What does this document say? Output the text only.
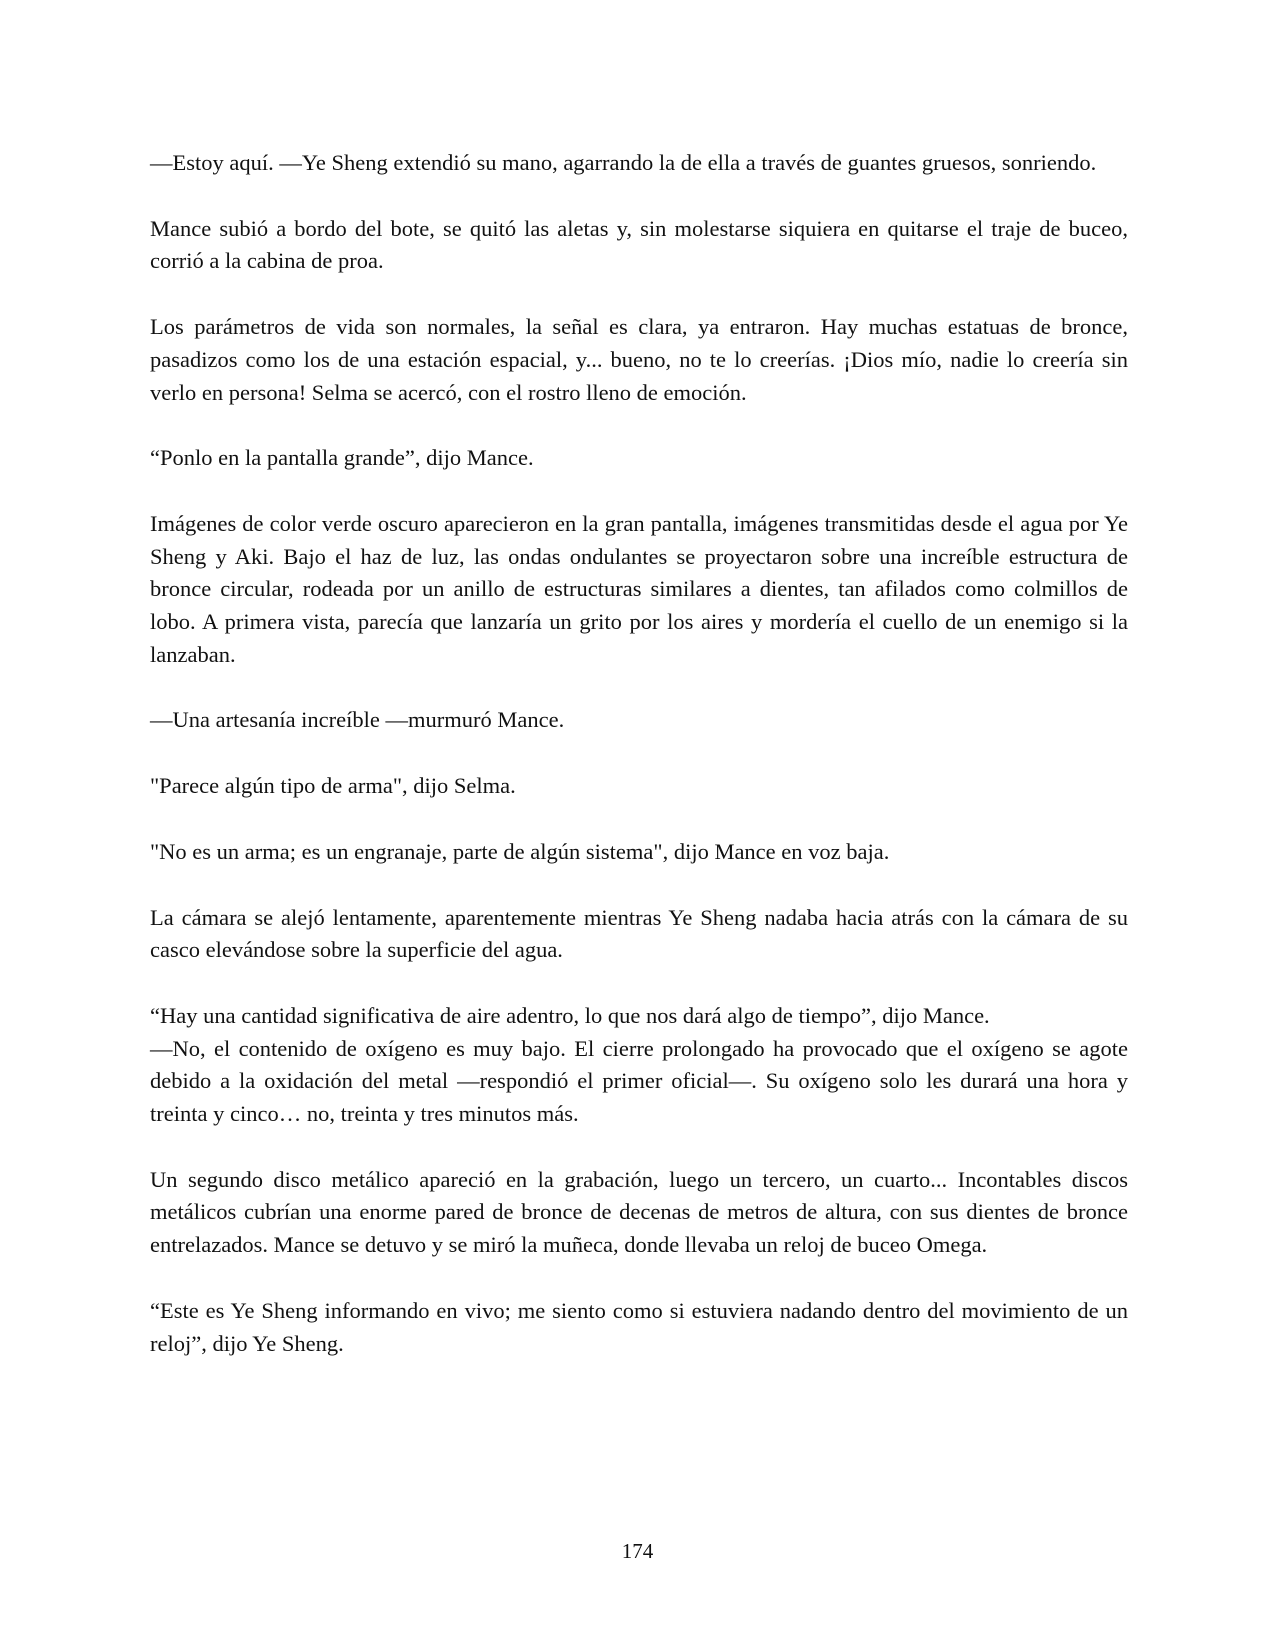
—Estoy aquí. —Ye Sheng extendió su mano, agarrando la de ella a través de guantes gruesos, sonriendo.

Mance subió a bordo del bote, se quitó las aletas y, sin molestarse siquiera en quitarse el traje de buceo, corrió a la cabina de proa.

Los parámetros de vida son normales, la señal es clara, ya entraron. Hay muchas estatuas de bronce, pasadizos como los de una estación espacial, y... bueno, no te lo creerías. ¡Dios mío, nadie lo creería sin verlo en persona! Selma se acercó, con el rostro lleno de emoción.

“Ponlo en la pantalla grande”, dijo Mance.

Imágenes de color verde oscuro aparecieron en la gran pantalla, imágenes transmitidas desde el agua por Ye Sheng y Aki. Bajo el haz de luz, las ondas ondulantes se proyectaron sobre una increíble estructura de bronce circular, rodeada por un anillo de estructuras similares a dientes, tan afilados como colmillos de lobo. A primera vista, parecía que lanzaría un grito por los aires y mordería el cuello de un enemigo si la lanzaban.

—Una artesanía increíble —murmuró Mance.

"Parece algún tipo de arma", dijo Selma.

"No es un arma; es un engranaje, parte de algún sistema", dijo Mance en voz baja.

La cámara se alejó lentamente, aparentemente mientras Ye Sheng nadaba hacia atrás con la cámara de su casco elevándose sobre la superficie del agua.

“Hay una cantidad significativa de aire adentro, lo que nos dará algo de tiempo”, dijo Mance.

—No, el contenido de oxígeno es muy bajo. El cierre prolongado ha provocado que el oxígeno se agote debido a la oxidación del metal —respondió el primer oficial—. Su oxígeno solo les durará una hora y treinta y cinco… no, treinta y tres minutos más.

Un segundo disco metálico apareció en la grabación, luego un tercero, un cuarto... Incontables discos metálicos cubrían una enorme pared de bronce de decenas de metros de altura, con sus dientes de bronce entrelazados. Mance se detuvo y se miró la muñeca, donde llevaba un reloj de buceo Omega.

“Este es Ye Sheng informando en vivo; me siento como si estuviera nadando dentro del movimiento de un reloj”, dijo Ye Sheng.

174
